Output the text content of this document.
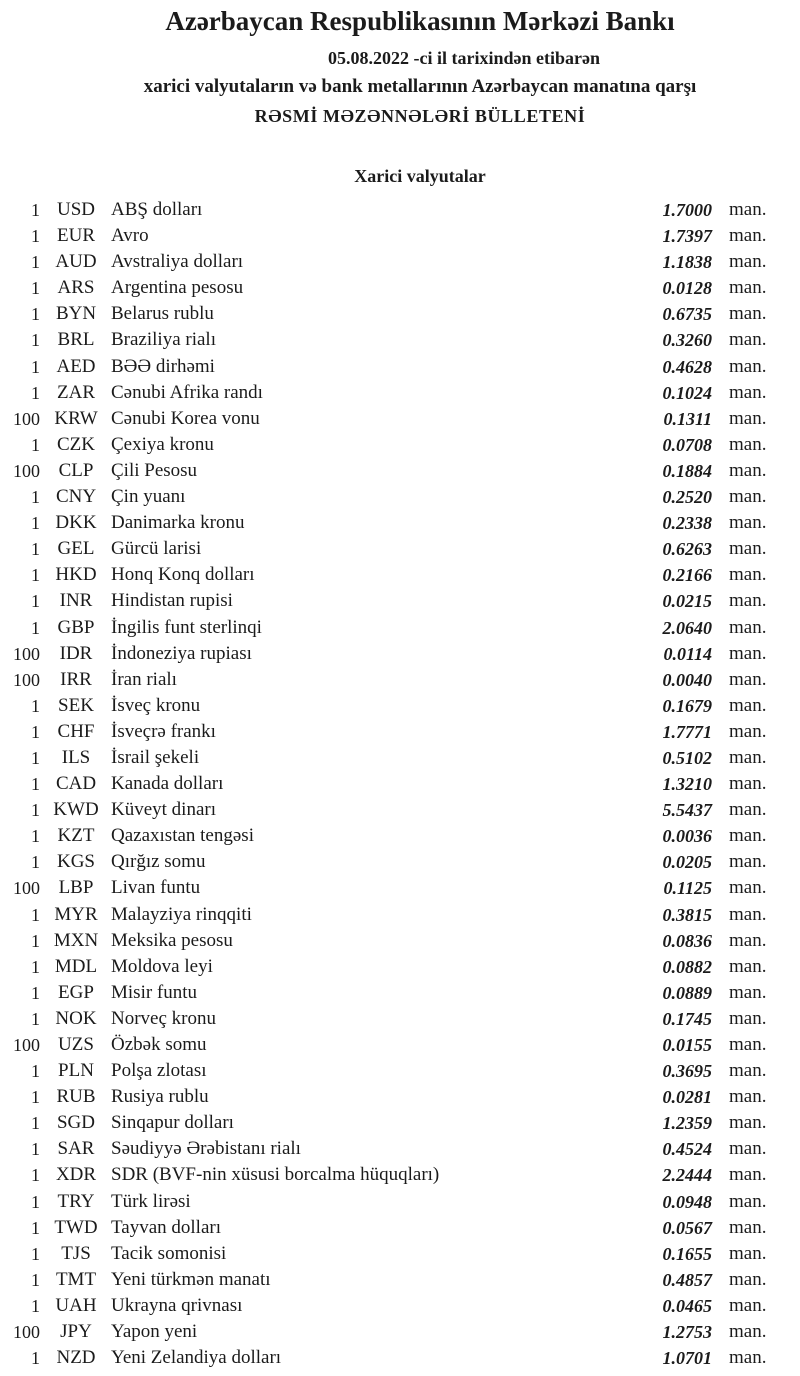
Azərbaycan Respublikasının Mərkəzi Bankı
05.08.2022 -ci il tarixindən etibarən
xarici valyutaların və bank metallarının Azərbaycan manatına qarşı
RƏSMİ MƏZƏNNƏLƏRİ BÜLLETENİ
Xarici valyutalar
1 USD ABŞ dolları	1.7000 man.
1 EUR Avro	1.7397 man.
1 AUD Avstraliya dolları	1.1838 man.
1 ARS Argentina pesosu	0.0128 man.
1 BYN Belarus rublu	0.6735 man.
1 BRL Braziliya rialı	0.3260 man.
1 AED BƏƏ dirhəmi	0.4628 man.
1 ZAR Cənubi Afrika randı	0.1024 man.
100 KRW Cənubi Korea vonu	0.1311 man.
1 CZK Çexiya kronu	0.0708 man.
100 CLP Çili Pesosu	0.1884 man.
1 CNY Çin yuanı	0.2520 man.
1 DKK Danimarka kronu	0.2338 man.
1 GEL Gürcü larisi	0.6263 man.
1 HKD Honq Konq dolları	0.2166 man.
1	INR Hindistan rupisi	0.0215 man.
1 GBP İngilis funt sterlinqi	2.0640 man.
100	IDR İndoneziya rupiası	0.0114 man.
100	IRR	İran rialı	0.0040 man.
1 SEK İsveç kronu	0.1679 man.
1 CHF İsveçrə frankı	1.7771 man.
1	ILS	İsrail şekeli	0.5102 man.
1 CAD Kanada dolları	1.3210 man.
1 KWD Küveyt dinarı	5.5437 man.
1 KZT Qazaxıstan tengəsi	0.0036 man.
1 KGS Qırğız somu	0.0205 man.
100 LBP Livan funtu	0.1125 man.
1 MYR Malayziya rinqqiti	0.3815 man.
1 MXN Meksika pesosu	0.0836 man.
1 MDL Moldova leyi	0.0882 man.
1 EGP Misir funtu	0.0889 man.
1 NOK Norveç kronu	0.1745 man.
100 UZS Özbək somu	0.0155 man.
1 PLN Polşa zlotası	0.3695 man.
1 RUB Rusiya rublu	0.0281 man.
1 SGD Sinqapur dolları	1.2359 man.
1 SAR Səudiyyə Ərəbistanı rialı	0.4524 man.
1 XDR SDR (BVF-nin xüsusi borcalma hüquqları)	2.2444 man.
1 TRY Türk lirəsi	0.0948 man.
1 TWD Tayvan dolları	0.0567 man.
1	TJS	Tacik somonisi	0.1655 man.
1 TMT Yeni türkmən manatı	0.4857 man.
1 UAH Ukrayna qrivnası	0.0465 man.
100	JPY	Yapon yeni	1.2753 man.
1 NZD Yeni Zelandiya dolları	1.0701 man.
